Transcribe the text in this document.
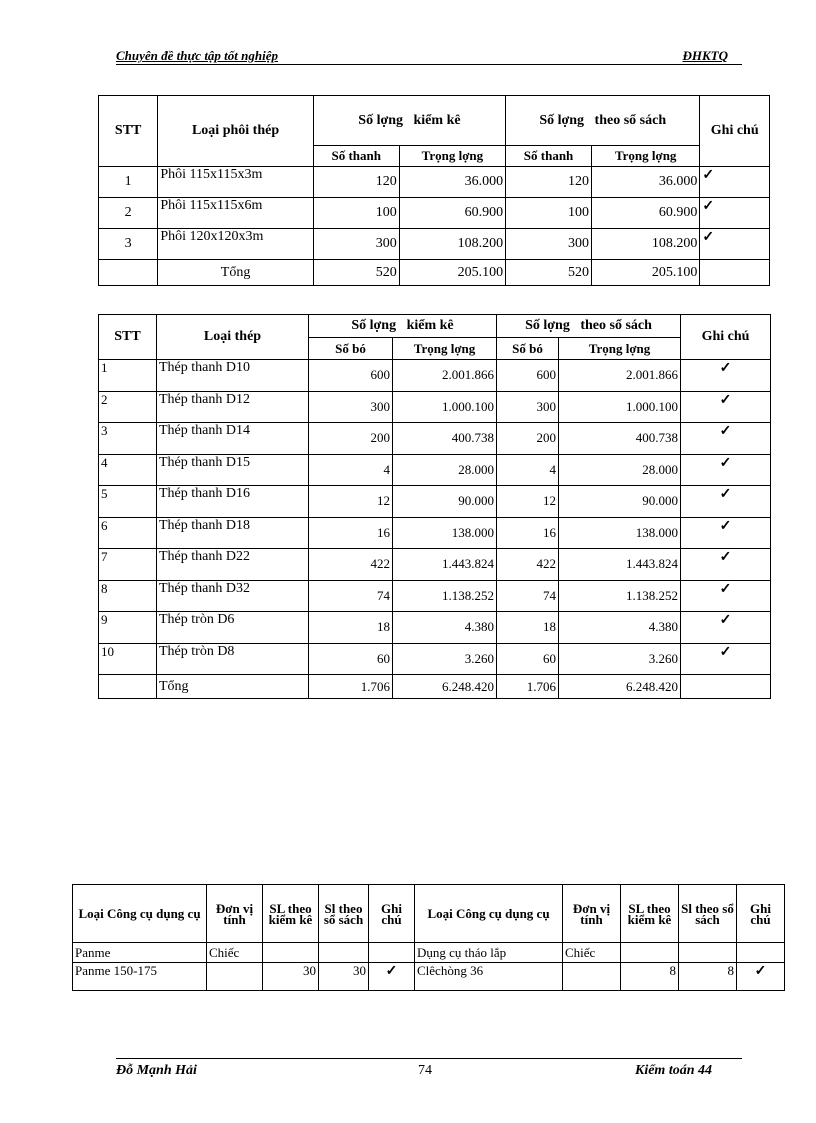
Chuyên đề thực tập tốt nghiệp	ĐHKTQ
STT	Loại phôi thép	Số lợng   kiểm kê		Số lợng   theo sổ sách		Ghi chú
		Số thanh	Trọng lợng	Số thanh	Trọng lợng	
1	Phôi 115x115x3m	120	36.000	120	36.000	✓
2	Phôi 115x115x6m	100	60.900	100	60.900	✓
3	Phôi 120x120x3m	300	108.200	300	108.200	✓
	Tổng	520	205.100	520	205.100	
STT	Loại thép	Số lợng   kiểm kê		Số lợng   theo sổ sách		Ghi chú
		Số bó	Trọng lợng	Số bó	Trọng lợng	
1	Thép thanh D10	600	2.001.866	600	2.001.866	✓
2	Thép thanh D12	300	1.000.100	300	1.000.100	✓
3	Thép thanh D14	200	400.738	200	400.738	✓
4	Thép thanh D15	4	28.000	4	28.000	✓
5	Thép thanh D16	12	90.000	12	90.000	✓
6	Thép thanh D18	16	138.000	16	138.000	✓
7	Thép thanh D22	422	1.443.824	422	1.443.824	✓
8	Thép thanh D32	74	1.138.252	74	1.138.252	✓
9	Thép tròn D6	18	4.380	18	4.380	✓
10	Thép tròn D8	60	3.260	60	3.260	✓
	Tổng	1.706	6.248.420	1.706	6.248.420	
Loại Công cụ dụng cụ	Đơn vị tính	SL theo kiểm kê	Sl theo sổ sách	Ghi chú	Loại Công cụ dụng cụ	Đơn vị tính	SL theo kiểm kê	Sl theo sổ sách	Ghi chú
Panme	Chiếc				Dụng cụ tháo lắp	Chiếc			
Panme 150-175		30	30	✓	Clêchòng 36		8	8	✓
Đỗ Mạnh Hải	74	Kiểm toán 44
